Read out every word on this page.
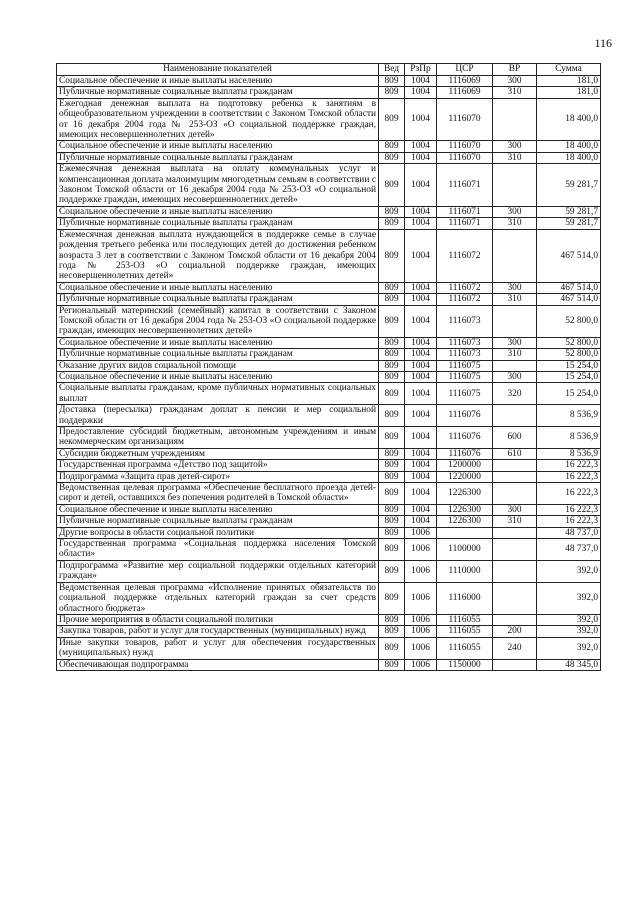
116
Наименование показателей	Вед	РзПр	ЦСР	ВР	Сумма
Социальное обеспечение и иные выплаты населению	809	1004	1116069	300	181,0
Публичные нормативные социальные выплаты гражданам	809	1004	1116069	310	181,0
Ежегодная денежная выплата на подготовку ребенка к занятиям в общеобразовательном учреждении в соответствии с Законом Томской области от 16 декабря 2004 года № 253-ОЗ «О социальной поддержке граждан, имеющих несовершеннолетних детей»	809	1004	1116070		18 400,0
Социальное обеспечение и иные выплаты населению	809	1004	1116070	300	18 400,0
Публичные нормативные социальные выплаты гражданам	809	1004	1116070	310	18 400,0
Ежемесячная денежная выплата на оплату коммунальных услуг и компенсационная доплата малоимущим многодетным семьям в соответствии с Законом Томской области от 16 декабря 2004 года № 253-ОЗ «О социальной поддержке граждан, имеющих несовершеннолетних детей»	809	1004	1116071		59 281,7
Социальное обеспечение и иные выплаты населению	809	1004	1116071	300	59 281,7
Публичные нормативные социальные выплаты гражданам	809	1004	1116071	310	59 281,7
Ежемесячная денежная выплата нуждающейся в поддержке семье в случае рождения третьего ребенка или последующих детей до достижения ребенком возраста 3 лет в соответствии с Законом Томской области от 16 декабря 2004 года № 253-ОЗ «О социальной поддержке граждан, имеющих несовершеннолетних детей»	809	1004	1116072		467 514,0
Социальное обеспечение и иные выплаты населению	809	1004	1116072	300	467 514,0
Публичные нормативные социальные выплаты гражданам	809	1004	1116072	310	467 514,0
Региональный материнский (семейный) капитал в соответствии с Законом Томской области от 16 декабря 2004 года № 253-ОЗ «О социальной поддержке граждан, имеющих несовершеннолетних детей»	809	1004	1116073		52 800,0
Социальное обеспечение и иные выплаты населению	809	1004	1116073	300	52 800,0
Публичные нормативные социальные выплаты гражданам	809	1004	1116073	310	52 800,0
Оказание других видов социальной помощи	809	1004	1116075		15 254,0
Социальное обеспечение и иные выплаты населению	809	1004	1116075	300	15 254,0
Социальные выплаты гражданам, кроме публичных нормативных социальных выплат	809	1004	1116075	320	15 254,0
Доставка (пересылка) гражданам доплат к пенсии и мер социальной поддержки	809	1004	1116076		8 536,9
Предоставление субсидий бюджетным, автономным учреждениям и иным некоммерческим организациям	809	1004	1116076	600	8 536,9
Субсидии бюджетным учреждениям	809	1004	1116076	610	8 536,9
Государственная программа «Детство под защитой»	809	1004	1200000		16 222,3
Подпрограмма «Защита прав детей-сирот»	809	1004	1220000		16 222,3
Ведомственная целевая программа «Обеспечение бесплатного проезда детей-сирот и детей, оставшихся без попечения родителей в Томской области»	809	1004	1226300		16 222,3
Социальное обеспечение и иные выплаты населению	809	1004	1226300	300	16 222,3
Публичные нормативные социальные выплаты гражданам	809	1004	1226300	310	16 222,3
Другие вопросы в области социальной политики	809	1006			48 737,0
Государственная программа «Социальная поддержка населения Томской области»	809	1006	1100000		48 737,0
Подпрограмма «Развитие мер социальной поддержки отдельных категорий граждан»	809	1006	1110000		392,0
Ведомственная целевая программа «Исполнение принятых обязательств по социальной поддержке отдельных категорий граждан за счет средств областного бюджета»	809	1006	1116000		392,0
Прочие мероприятия в области социальной политики	809	1006	1116055		392,0
Закупка товаров, работ и услуг для государственных (муниципальных) нужд	809	1006	1116055	200	392,0
Иные закупки товаров, работ и услуг для обеспечения государственных (муниципальных) нужд	809	1006	1116055	240	392,0
Обеспечивающая подпрограмма	809	1006	1150000		48 345,0
